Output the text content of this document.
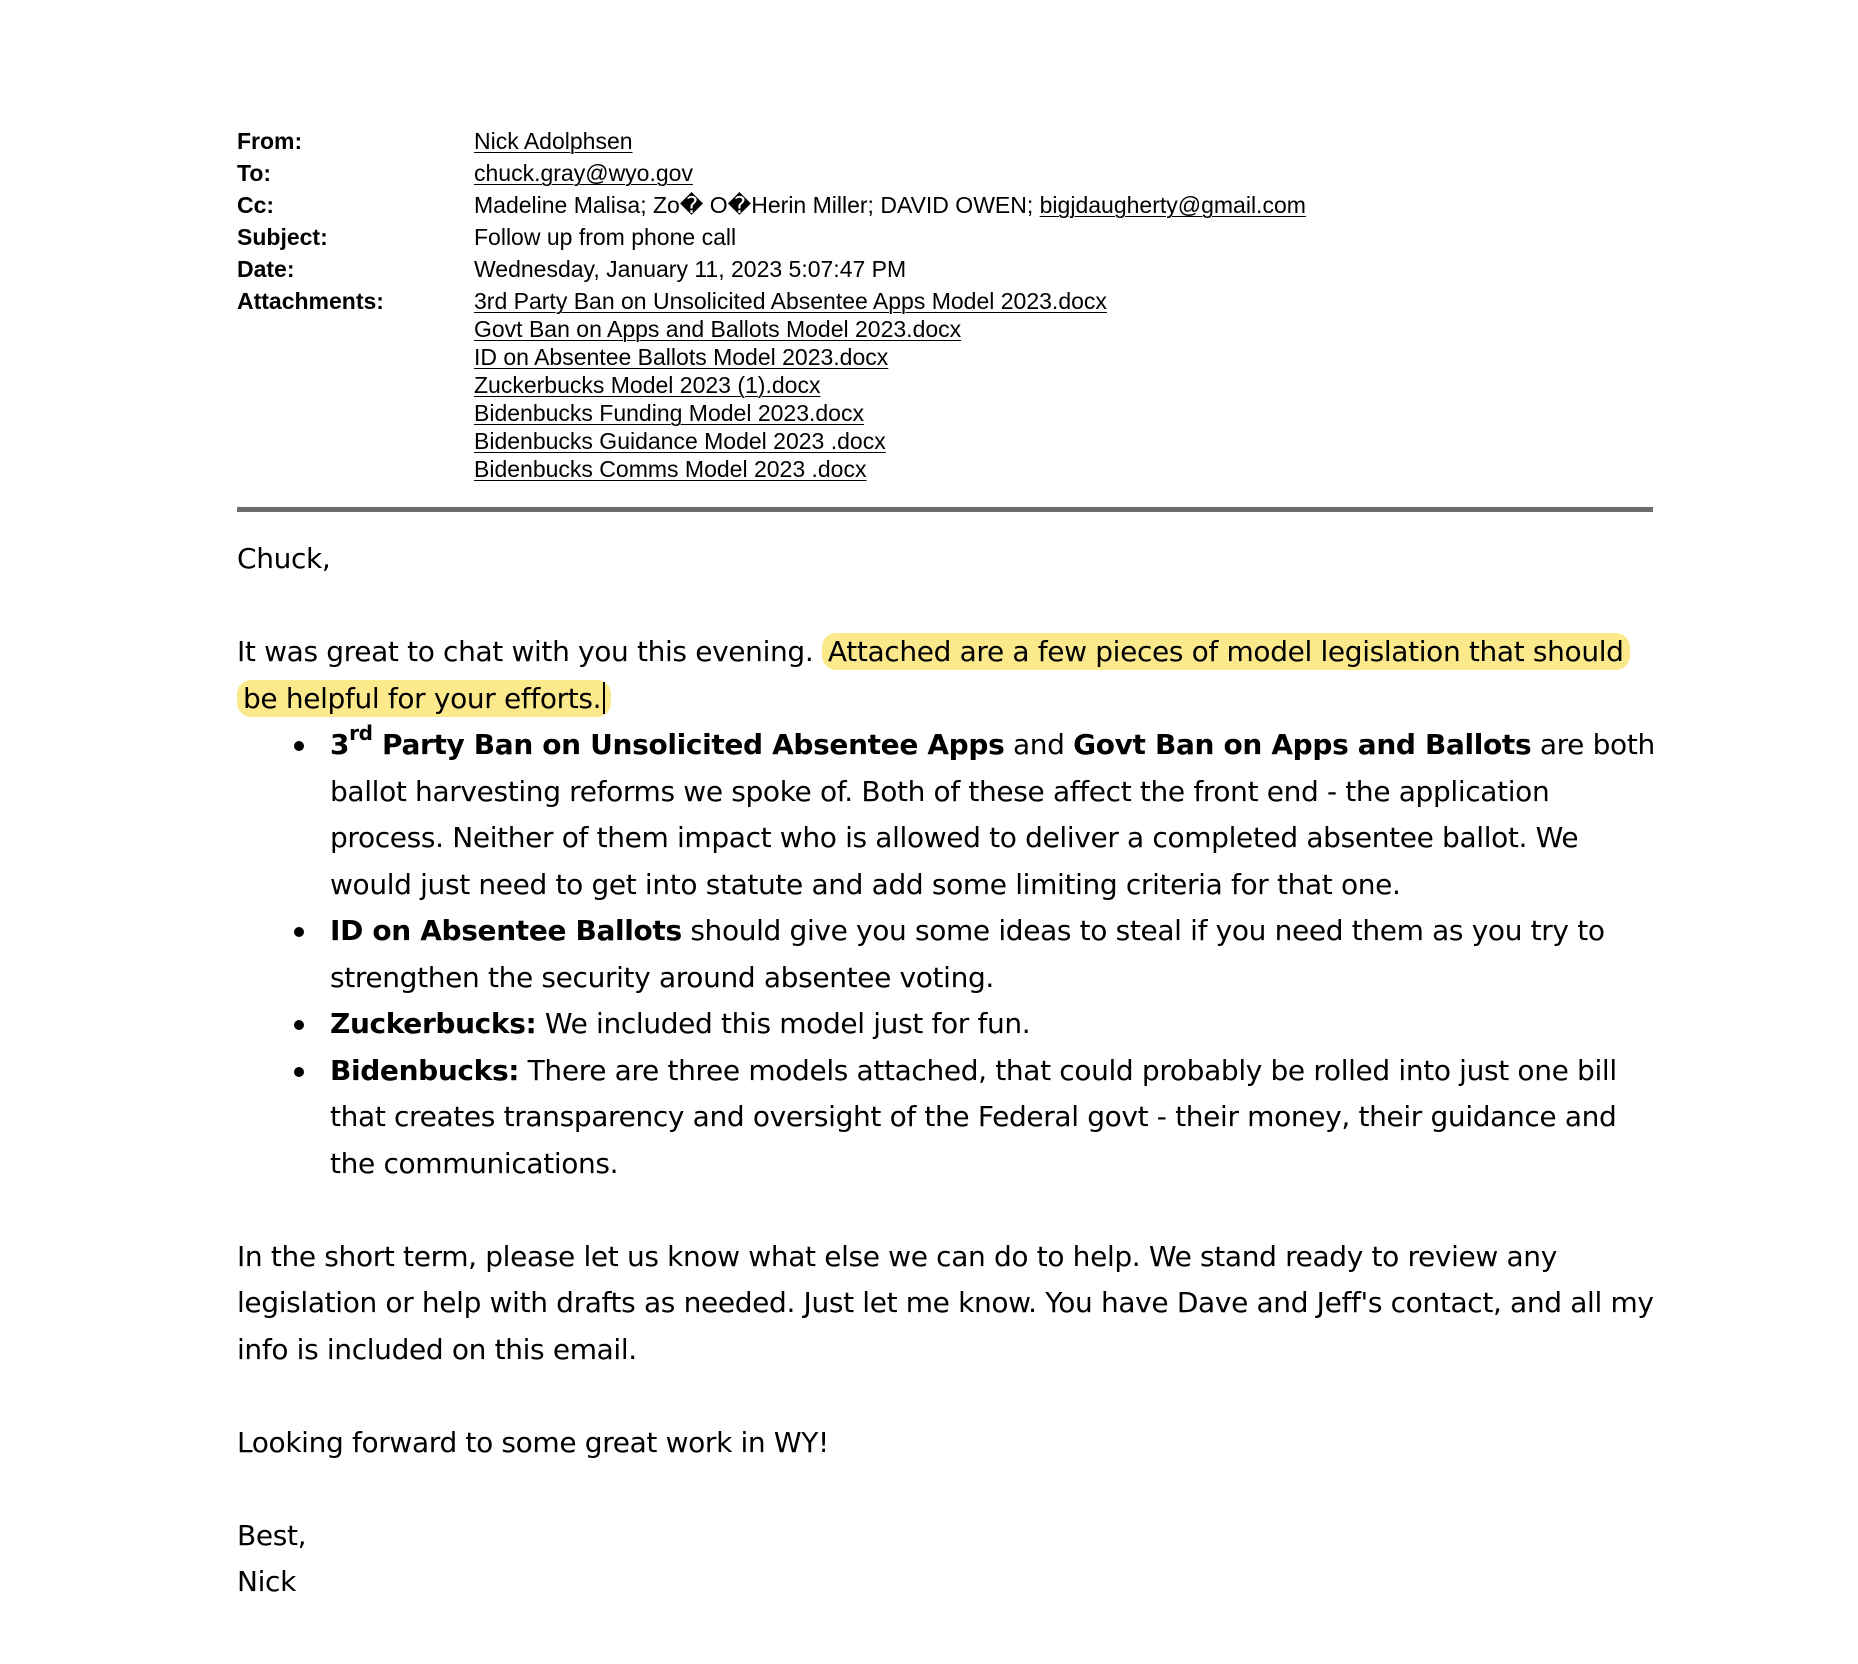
From:	Nick Adolphsen
To:	chuck.gray@wyo.gov
Cc:	Madeline Malisa; Zo� O�Herin Miller; DAVID OWEN; bigjdaugherty@gmail.com
Subject:	Follow up from phone call
Date:	Wednesday, January 11, 2023 5:07:47 PM
Attachments:	3rd Party Ban on Unsolicited Absentee Apps Model 2023.docx
Govt Ban on Apps and Ballots Model 2023.docx
ID on Absentee Ballots Model 2023.docx
Zuckerbucks Model 2023 (1).docx
Bidenbucks Funding Model 2023.docx
Bidenbucks Guidance Model 2023 .docx
Bidenbucks Comms Model 2023 .docx

Chuck,

It was great to chat with you this evening. Attached are a few pieces of model legislation that should be helpful for your efforts.

3rd Party Ban on Unsolicited Absentee Apps and Govt Ban on Apps and Ballots are both ballot harvesting reforms we spoke of. Both of these affect the front end - the application process. Neither of them impact who is allowed to deliver a completed absentee ballot. We would just need to get into statute and add some limiting criteria for that one.
ID on Absentee Ballots should give you some ideas to steal if you need them as you try to strengthen the security around absentee voting.
Zuckerbucks: We included this model just for fun.
Bidenbucks: There are three models attached, that could probably be rolled into just one bill that creates transparency and oversight of the Federal govt - their money, their guidance and the communications.

In the short term, please let us know what else we can do to help. We stand ready to review any legislation or help with drafts as needed. Just let me know. You have Dave and Jeff's contact, and all my info is included on this email.

Looking forward to some great work in WY!

Best,

Nick
